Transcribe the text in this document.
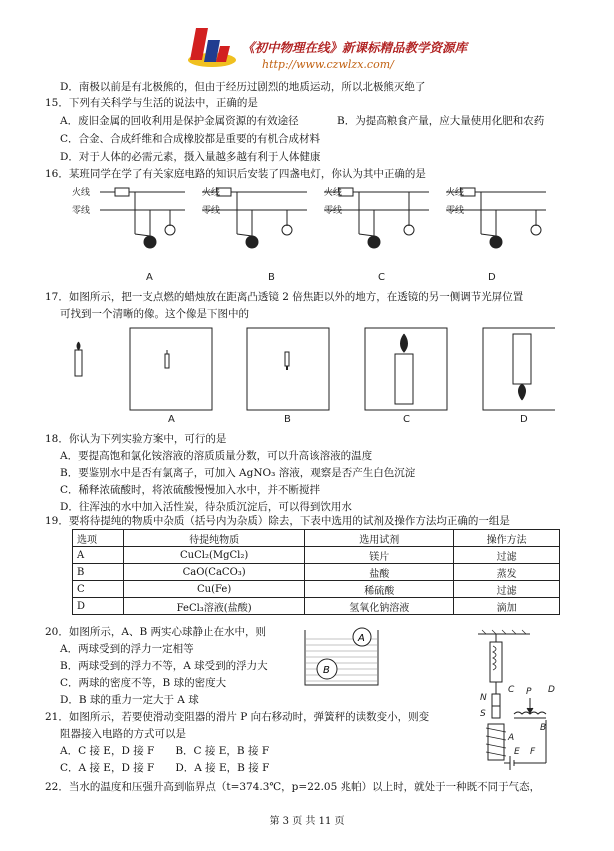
《初中物理在线》新课标精品教学资源库
http://www.czwlzx.com/
D．南极以前是有北极熊的，但由于经历过剧烈的地质运动，所以北极熊灭绝了
15．下列有关科学与生活的说法中，正确的是
A．废旧金属的回收利用是保护金属资源的有效途径	B．为提高粮食产量，应大量使用化肥和农药
C．合金、合成纤维和合成橡胶都是重要的有机合成材料
D．对于人体的必需元素，摄入量越多越有利于人体健康
16．某班同学在学了有关家庭电路的知识后安装了四盏电灯，你认为其中正确的是
火线
零线
火线
零线
火线
零线
火线
零线
A	B	C	D
17．如图所示，把一支点燃的蜡烛放在距离凸透镜 2 倍焦距以外的地方，在透镜的另一侧调节光屏位置
可找到一个清晰的像。这个像是下图中的
A	B	C	D
18．你认为下列实验方案中，可行的是
A．要提高饱和氯化铵溶液的溶质质量分数，可以升高该溶液的温度
B．要鉴别水中是否有氯离子，可加入 AgNO₃ 溶液，观察是否产生白色沉淀
C．稀释浓硫酸时，将浓硫酸慢慢加入水中，并不断搅拌
D．往浑浊的水中加入活性炭，待杂质沉淀后，可以得到饮用水
19．要将待提纯的物质中杂质（括号内为杂质）除去，下表中选用的试剂及操作方法均正确的一组是
选项	待提纯物质	选用试剂	操作方法
A	CuCl₂(MgCl₂)	镁片	过滤
B	CaO(CaCO₃)	盐酸	蒸发
C	Cu(Fe)	稀硫酸	过滤
D	FeCl₃溶液(盐酸)	氢氧化钠溶液	滴加
20．如图所示，A、B 两实心球静止在水中，则
A．两球受到的浮力一定相等
B．两球受到的浮力不等，A 球受到的浮力大
C．两球的密度不等，B 球的密度大
D．B 球的重力一定大于 A 球
A
B
21．如图所示，若要使滑动变阻器的滑片 P 向右移动时，弹簧秤的读数变小，则变
阻器接入电路的方式可以是
A．C 接 E，D 接 F　　B．C 接 E，B 接 F
C．A 接 E，D 接 F　　D．A 接 E，B 接 F
C P D
N
S
B
A
E F
22．当水的温度和压强升高到临界点（t=374.3℃，p=22.05 兆帕）以上时，就处于一种既不同于气态，
第 3 页 共 11 页
